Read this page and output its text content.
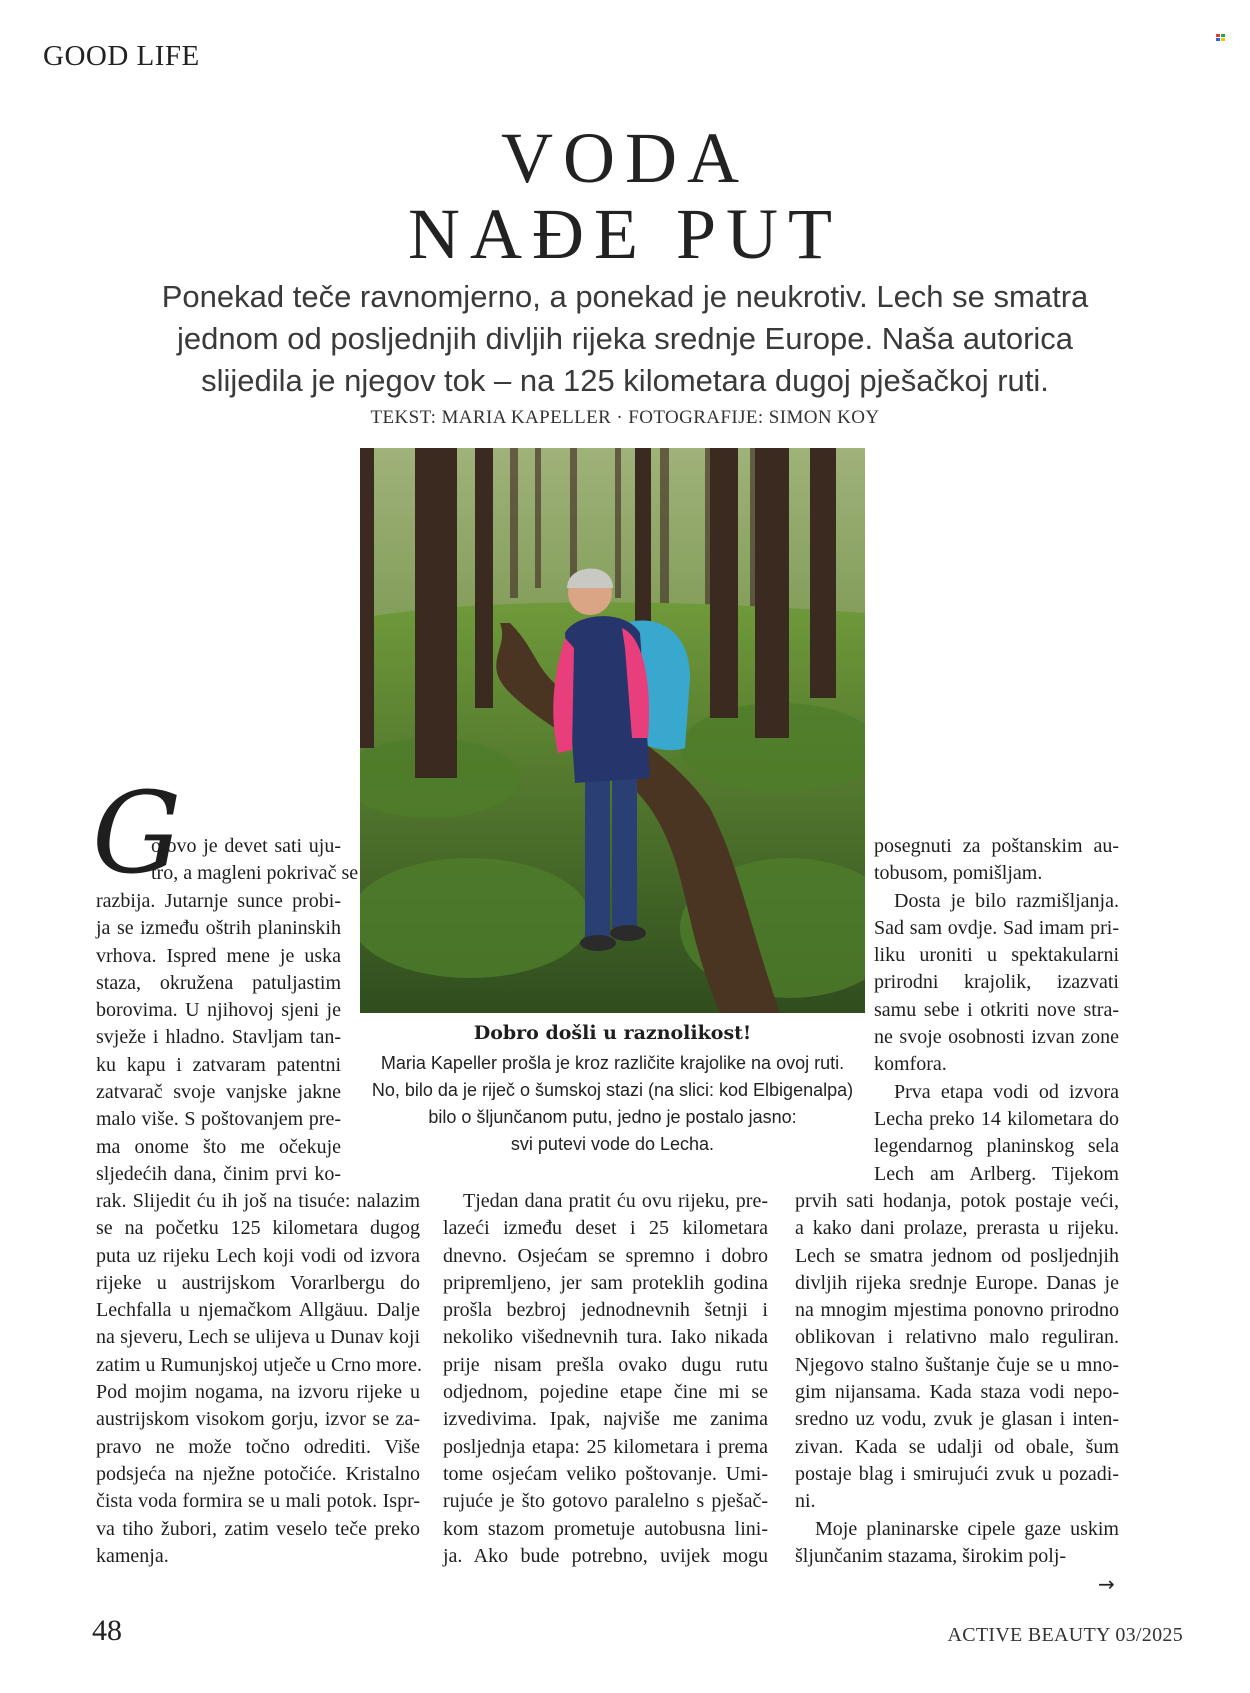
GOOD LIFE
VODA
NAĐE PUT

Ponekad teče ravnomjerno, a ponekad je neukrotiv. Lech se smatra
jednom od posljednjih divljih rijeka srednje Europe. Naša autorica
slijedila je njegov tok – na 125 kilometara dugoj pješačkoj ruti.

TEKST: MARIA KAPELLER · FOTOGRAFIJE: SIMON KOY
Dobro došli u raznolikost!

Maria Kapeller prošla je kroz različite krajolike na ovoj ruti.
No, bilo da je riječ o šumskoj stazi (na slici: kod Elbigenalpa)
bilo o šljunčanom putu, jedno je postalo jasno:
svi putevi vode do Lecha.

G

otovo je devet sati uju-
tro, a magleni pokrivač se

razbija. Jutarnje sunce probi-
ja se između oštrih planinskih
vrhova. Ispred mene je uska
staza, okružena patuljastim
borovima. U njihovoj sjeni je
svježe i hladno. Stavljam tan-
ku kapu i zatvaram patentni
zatvarač svoje vanjske jakne
malo više. S poštovanjem pre-
ma onome što me očekuje
sljedećih dana, činim prvi ko-

rak. Slijedit ću ih još na tisuće: nalazim
se na početku 125 kilometara dugog
puta uz rijeku Lech koji vodi od izvora
rijeke u austrijskom Vorarlbergu do
Lechfalla u njemačkom Allgäuu. Dalje
na sjeveru, Lech se ulijeva u Dunav koji
zatim u Rumunjskoj utječe u Crno more.
Pod mojim nogama, na izvoru rijeke u
austrijskom visokom gorju, izvor se za-
pravo ne može točno odrediti. Više
podsjeća na nježne potočiće. Kristalno
čista voda formira se u mali potok. Ispr-
va tiho žubori, zatim veselo teče preko
kamenja.

Tjedan dana pratit ću ovu rijeku, pre-
lazeći između deset i 25 kilometara
dnevno. Osjećam se spremno i dobro
pripremljeno, jer sam proteklih godina
prošla bezbroj jednodnevnih šetnji i
nekoliko višednevnih tura. Iako nikada
prije nisam prešla ovako dugu rutu
odjednom, pojedine etape čine mi se
izvedivima. Ipak, najviše me zanima
posljednja etapa: 25 kilometara i prema
tome osjećam veliko poštovanje. Umi-
rujuće je što gotovo paralelno s pješač-
kom stazom prometuje autobusna lini-
ja. Ako bude potrebno, uvijek mogu

posegnuti za poštanskim au-
tobusom, pomišljam.
Dosta je bilo razmišljanja.
Sad sam ovdje. Sad imam pri-
liku uroniti u spektakularni
prirodni krajolik, izazvati
samu sebe i otkriti nove stra-
ne svoje osobnosti izvan zone
komfora.
Prva etapa vodi od izvora
Lecha preko 14 kilometara do
legendarnog planinskog sela
Lech am Arlberg. Tijekom

prvih sati hodanja, potok postaje veći,
a kako dani prolaze, prerasta u rijeku.
Lech se smatra jednom od posljednjih
divljih rijeka srednje Europe. Danas je
na mnogim mjestima ponovno prirodno
oblikovan i relativno malo reguliran.
Njegovo stalno šuštanje čuje se u mno-
gim nijansama. Kada staza vodi nepo-
sredno uz vodu, zvuk je glasan i inten-
zivan. Kada se udalji od obale, šum
postaje blag i smirujući zvuk u pozadi-
ni.
Moje planinarske cipele gaze uskim
šljunčanim stazama, širokim polj-

→
48	ACTIVE BEAUTY 03/2025
